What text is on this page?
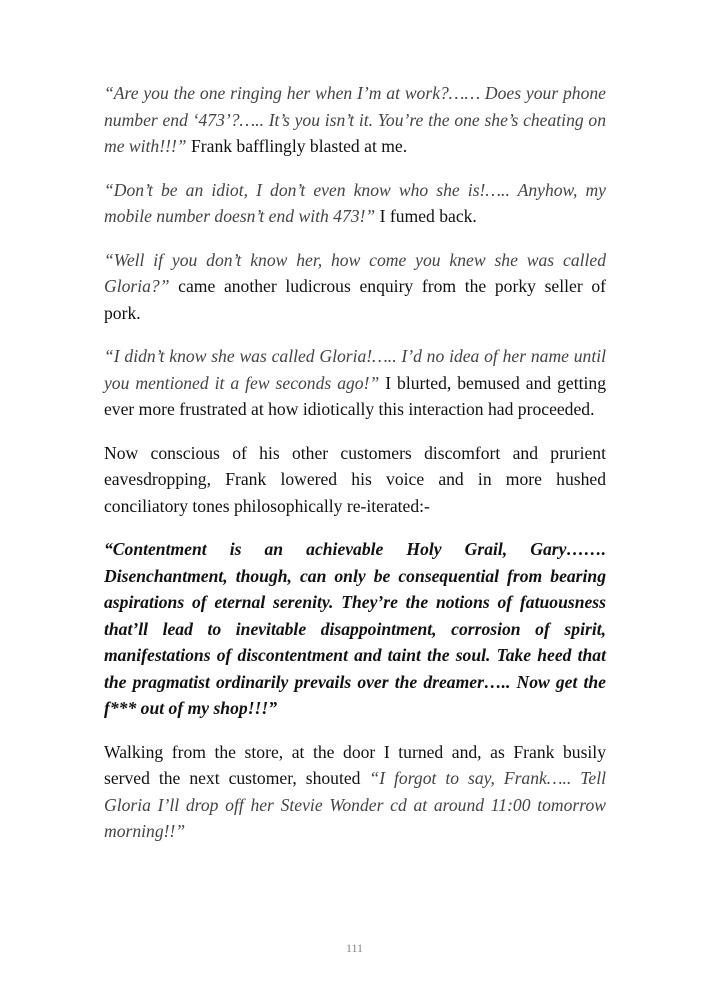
“Are you the one ringing her when I’m at work?…… Does your phone number end ‘473’?….. It’s you isn’t it. You’re the one she’s cheating on me with!!!” Frank bafflingly blasted at me.

“Don’t be an idiot, I don’t even know who she is!….. Anyhow, my mobile number doesn’t end with 473!” I fumed back.

“Well if you don’t know her, how come you knew she was called Gloria?” came another ludicrous enquiry from the porky seller of pork.

“I didn’t know she was called Gloria!….. I’d no idea of her name until you mentioned it a few seconds ago!” I blurted, bemused and getting ever more frustrated at how idiotically this interaction had proceeded.

Now conscious of his other customers discomfort and prurient eavesdropping, Frank lowered his voice and in more hushed conciliatory tones philosophically re-iterated:-

“Contentment is an achievable Holy Grail, Gary……. Disenchantment, though, can only be consequential from bearing aspirations of eternal serenity. They’re the notions of fatuousness that’ll lead to inevitable disappointment, corrosion of spirit, manifestations of discontentment and taint the soul. Take heed that the pragmatist ordinarily prevails over the dreamer….. Now get the f*** out of my shop!!!”

Walking from the store, at the door I turned and, as Frank busily served the next customer, shouted “I forgot to say, Frank….. Tell Gloria I’ll drop off her Stevie Wonder cd at around 11:00 tomorrow morning!!”

111
